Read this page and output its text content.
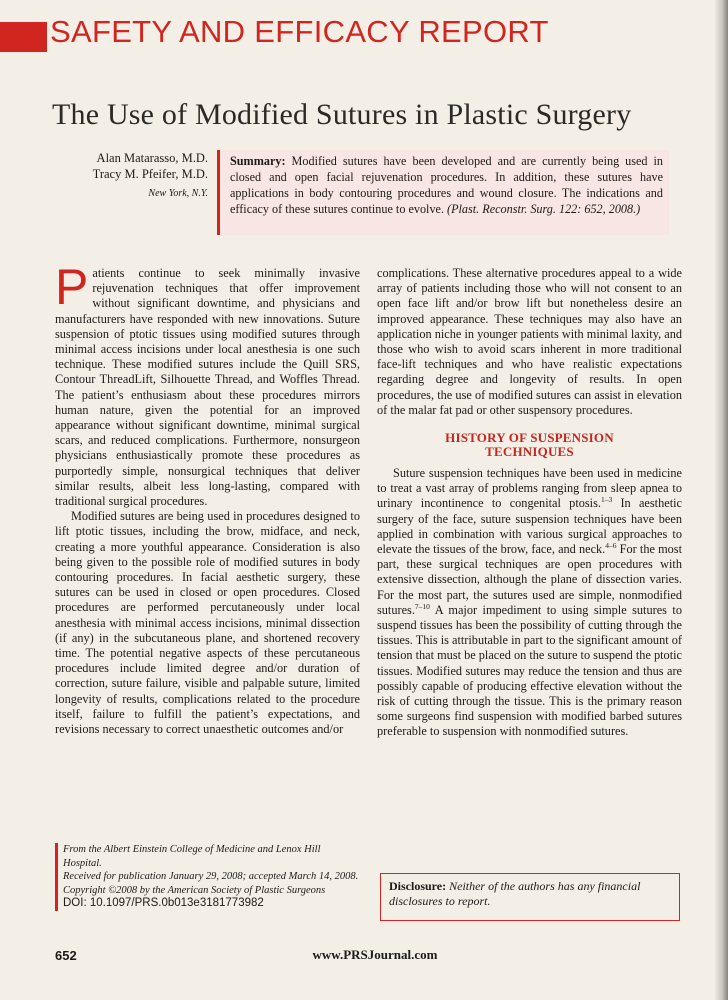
SAFETY AND EFFICACY REPORT
The Use of Modified Sutures in Plastic Surgery
Alan Matarasso, M.D.
Tracy M. Pfeifer, M.D.
New York, N.Y.
Summary: Modified sutures have been developed and are currently being used in closed and open facial rejuvenation procedures. In addition, these sutures have applications in body contouring procedures and wound closure. The indications and efficacy of these sutures continue to evolve. (Plast. Reconstr. Surg. 122: 652, 2008.)

Patients continue to seek minimally invasive rejuvenation techniques that offer improvement without significant downtime, and physicians and manufacturers have responded with new innovations. Suture suspension of ptotic tissues using modified sutures through minimal access incisions under local anesthesia is one such technique. These modified sutures include the Quill SRS, Contour ThreadLift, Silhouette Thread, and Woffles Thread. The patient’s enthusiasm about these procedures mirrors human nature, given the potential for an improved appearance without significant downtime, minimal surgical scars, and reduced complications. Furthermore, nonsurgeon physicians enthusiastically promote these procedures as purportedly simple, nonsurgical techniques that deliver similar results, albeit less long-lasting, compared with traditional surgical procedures.

Modified sutures are being used in procedures designed to lift ptotic tissues, including the brow, midface, and neck, creating a more youthful appearance. Consideration is also being given to the possible role of modified sutures in body contouring procedures. In facial aesthetic surgery, these sutures can be used in closed or open procedures. Closed procedures are performed percutaneously under local anesthesia with minimal access incisions, minimal dissection (if any) in the subcutaneous plane, and shortened recovery time. The potential negative aspects of these percutaneous procedures include limited degree and/or duration of correction, suture failure, visible and palpable suture, limited longevity of results, complications related to the procedure itself, failure to fulfill the patient’s expectations, and revisions necessary to correct unaesthetic outcomes and/or

complications. These alternative procedures appeal to a wide array of patients including those who will not consent to an open face lift and/or brow lift but nonetheless desire an improved appearance. These techniques may also have an application niche in younger patients with minimal laxity, and those who wish to avoid scars inherent in more traditional face-lift techniques and who have realistic expectations regarding degree and longevity of results. In open procedures, the use of modified sutures can assist in elevation of the malar fat pad or other suspensory procedures.

HISTORY OF SUSPENSION
TECHNIQUES

Suture suspension techniques have been used in medicine to treat a vast array of problems ranging from sleep apnea to urinary incontinence to congenital ptosis.$^{1-3}$ In aesthetic surgery of the face, suture suspension techniques have been applied in combination with various surgical approaches to elevate the tissues of the brow, face, and neck.$^{4-6}$ For the most part, these surgical techniques are open procedures with extensive dissection, although the plane of dissection varies. For the most part, the sutures used are simple, nonmodified sutures.$^{7-10}$ A major impediment to using simple sutures to suspend tissues has been the possibility of cutting through the tissues. This is attributable in part to the significant amount of tension that must be placed on the suture to suspend the ptotic tissues. Modified sutures may reduce the tension and thus are possibly capable of producing effective elevation without the risk of cutting through the tissue. This is the primary reason some surgeons find suspension with modified barbed sutures preferable to suspension with nonmodified sutures.

From the Albert Einstein College of Medicine and Lenox Hill Hospital.
Received for publication January 29, 2008; accepted March 14, 2008.
Copyright ©2008 by the American Society of Plastic Surgeons
DOI: 10.1097/PRS.0b013e3181773982
Disclosure: Neither of the authors has any financial disclosures to report.
652	www.PRSJournal.com
